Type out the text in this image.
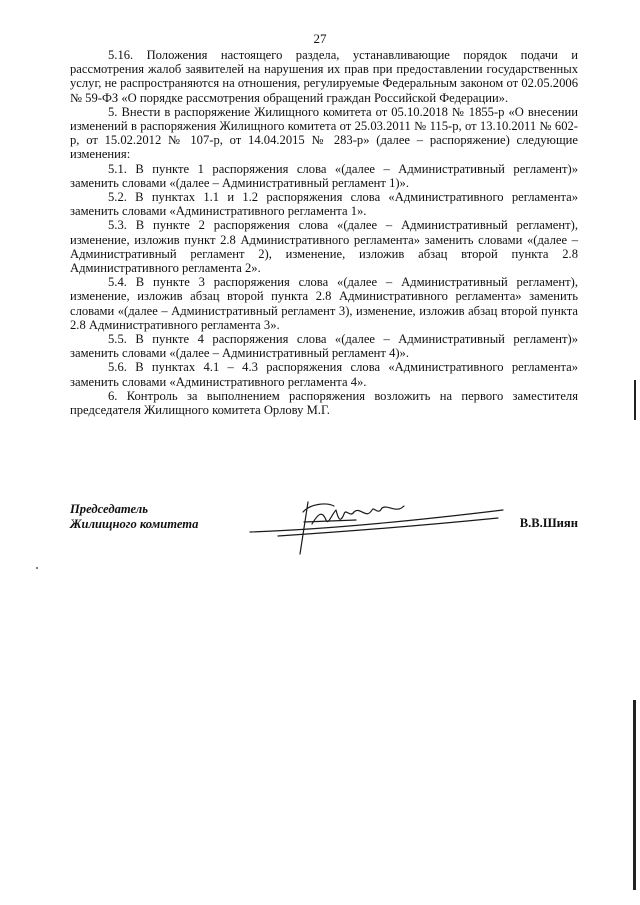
27

5.16. Положения настоящего раздела, устанавливающие порядок подачи и рассмотрения жалоб заявителей на нарушения их прав при предоставлении государственных услуг, не распространяются на отношения, регулируемые Федеральным законом от 02.05.2006 № 59-ФЗ «О порядке рассмотрения обращений граждан Российской Федерации».

5. Внести в распоряжение Жилищного комитета от 05.10.2018 № 1855-р «О внесении изменений в распоряжения Жилищного комитета от 25.03.2011 № 115-р, от 13.10.2011 № 602-р, от 15.02.2012 № 107-р, от 14.04.2015 № 283-р» (далее – распоряжение) следующие изменения:

5.1. В пункте 1 распоряжения слова «(далее – Административный регламент)» заменить словами «(далее – Административный регламент 1)».

5.2. В пунктах 1.1 и 1.2 распоряжения слова «Административного регламента» заменить словами «Административного регламента 1».

5.3. В пункте 2 распоряжения слова «(далее – Административный регламент), изменение, изложив пункт 2.8 Административного регламента» заменить словами «(далее – Административный регламент 2), изменение, изложив абзац второй пункта 2.8 Административного регламента 2».

5.4. В пункте 3 распоряжения слова «(далее – Административный регламент), изменение, изложив абзац второй пункта 2.8 Административного регламента» заменить словами «(далее – Административный регламент 3), изменение, изложив абзац второй пункта 2.8 Административного регламента 3».

5.5. В пункте 4 распоряжения слова «(далее – Административный регламент)» заменить словами «(далее – Административный регламент 4)».

5.6. В пунктах 4.1 – 4.3 распоряжения слова «Административного регламента» заменить словами «Административного регламента 4».

6. Контроль за выполнением распоряжения возложить на первого заместителя председателя Жилищного комитета Орлову М.Г.

Председатель
Жилищного комитета	В.В.Шиян
